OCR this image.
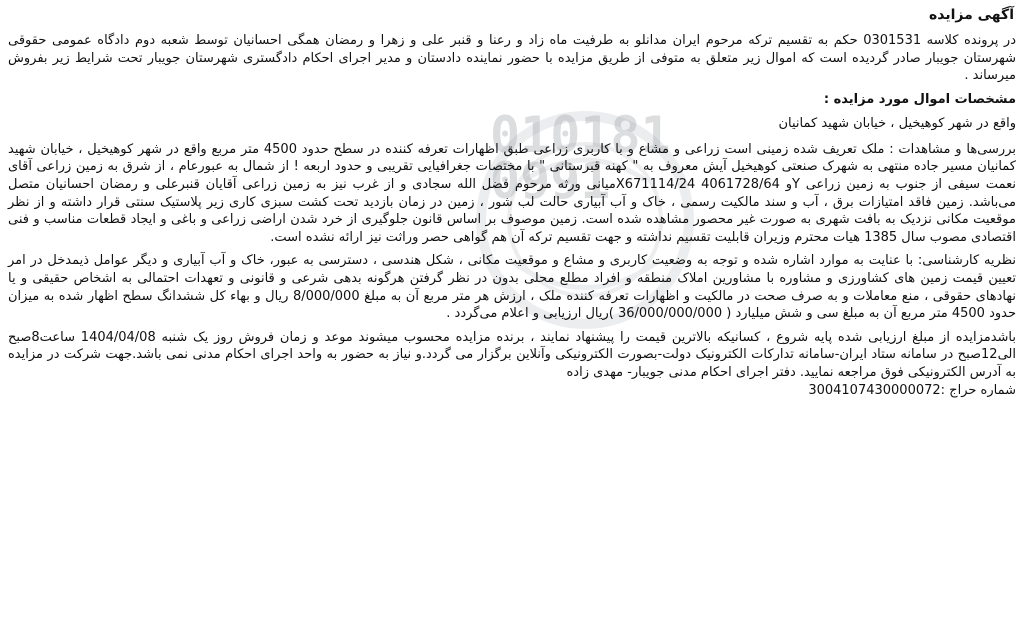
010181
0991
آگهی مزایده

در پرونده کلاسه 0301531 حکم به تقسیم ترکه مرحوم ایران مدانلو به طرفیت ماه زاد و رعنا و قنبر علی و زهرا و رمضان همگی احسانیان توسط شعبه دوم دادگاه عمومی حقوقی شهرستان جویبار صادر گردیده است که اموال زیر متعلق به متوفی از طریق مزایده با حضور نماینده دادستان و مدیر اجرای احکام دادگستری شهرستان جویبار تحت شرایط زیر بفروش میرساند .

مشخصات اموال مورد مزایده :
واقع در شهر کوهیخیل ، خیابان شهید کمانیان

بررسی‌ها و مشاهدات : ملک تعریف شده زمینی است زراعی و مشاع و با کاربری زراعی طبق اظهارات تعرفه کننده در سطح حدود 4500 متر مربع واقع در شهر کوهیخیل ، خیابان شهید کمانیان مسیر جاده منتهی به شهرک صنعتی کوهیخیل آیش معروف به " کهنه قبرستانی " با مختصات جغرافیایی تقریبی و حدود اربعه ! از شمال به عبورعام ، از شرق به زمین زراعی آقای نعمت سیفی از جنوب به زمین زراعی Yو 4061728/64 X671114/24میانی ورثه مرحوم فضل الله سجادی و از غرب نیز به زمین زراعی آقایان قنبرعلی و رمضان احسانیان متصل می‌باشد. زمین فاقد امتیازات برق ، آب و سند مالکیت رسمی ، خاک و آب آبیاری حالت لب شور ، زمین در زمان بازدید تحت کشت سبزی کاری زیر پلاستیک سنتی قرار داشته و از نظر موقعیت مکانی نزدیک به بافت شهری به صورت غیر محصور مشاهده شده است. زمین موصوف بر اساس قانون جلوگیری از خرد شدن اراضی زراعی و باغی و ایجاد قطعات مناسب و فنی اقتصادی مصوب سال 1385 هیات محترم وزیران قابلیت تقسیم نداشته و جهت تقسیم ترکه آن هم گواهی حصر وراثت نیز ارائه نشده است.

نظریه کارشناسی: با عنایت به موارد اشاره شده و توجه به وضعیت کاربری و مشاع و موقعیت مکانی ، شکل هندسی ، دسترسی به عبور، خاک و آب آبیاری و دیگر عوامل ذیمدخل در امر تعیین قیمت زمین های کشاورزی و مشاوره با مشاورین املاک منطقه و افراد مطلع محلی بدون در نظر گرفتن هرگونه بدهی شرعی و قانونی و تعهدات احتمالی به اشخاص حقیقی و یا نهادهای حقوقی ، منع معاملات و به صرف صحت در مالکیت و اظهارات تعرفه کننده ملک ، ارزش هر متر مربع آن به مبلغ 8/000/000 ریال و بهاء کل ششدانگ سطح اظهار شده به میزان حدود 4500 متر مربع آن به مبلغ سی و شش میلیارد ( 36/000/000/000 )ریال ارزیابی و اعلام می‌گردد .

باشدمزایده از مبلغ ارزیابی شده پایه شروع ، کسانیکه بالاترین قیمت را پیشنهاد نمایند ، برنده مزایده محسوب میشوند موعد و زمان فروش روز یک شنبه 1404/04/08 ساعت8صبح الی12صبح در سامانه ستاد ایران-سامانه تدارکات الکترونیک دولت-بصورت الکترونیکی وآنلاین برگزار می گردد.و نیاز به حضور به واحد اجرای احکام مدنی نمی باشد.جهت شرکت در مزایده به آدرس الکترونیکی فوق مراجعه نمایید. دفتر اجرای احکام مدنی جویبار- مهدی زاده

شماره حراج :3004107430000072
